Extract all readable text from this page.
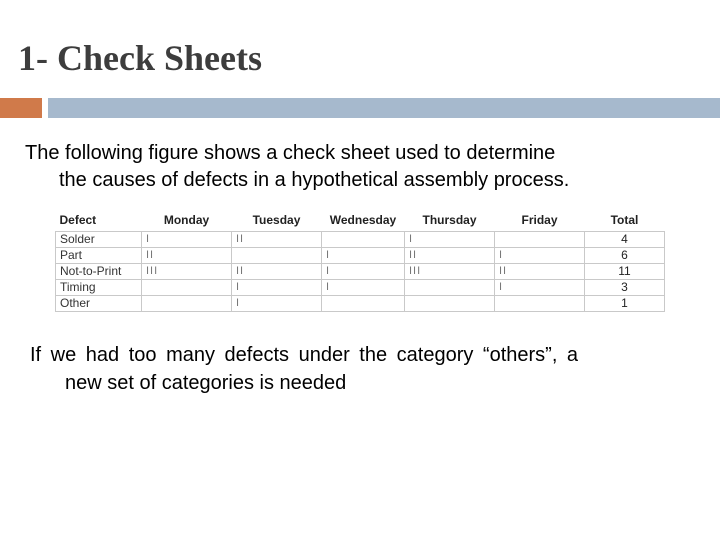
1- Check Sheets
The following figure shows a check sheet used to determine
the causes of defects in a hypothetical assembly process.
Defect	Monday	Tuesday	Wednesday	Thursday	Friday	Total
Solder	I	II		I		4
Part	II		I	II	I	6
Not-to-Print	III	II	I	III	II	11
Timing		I	I		I	3
Other		I				1
If we had too many defects under the category “others”, a
new set of categories is needed
